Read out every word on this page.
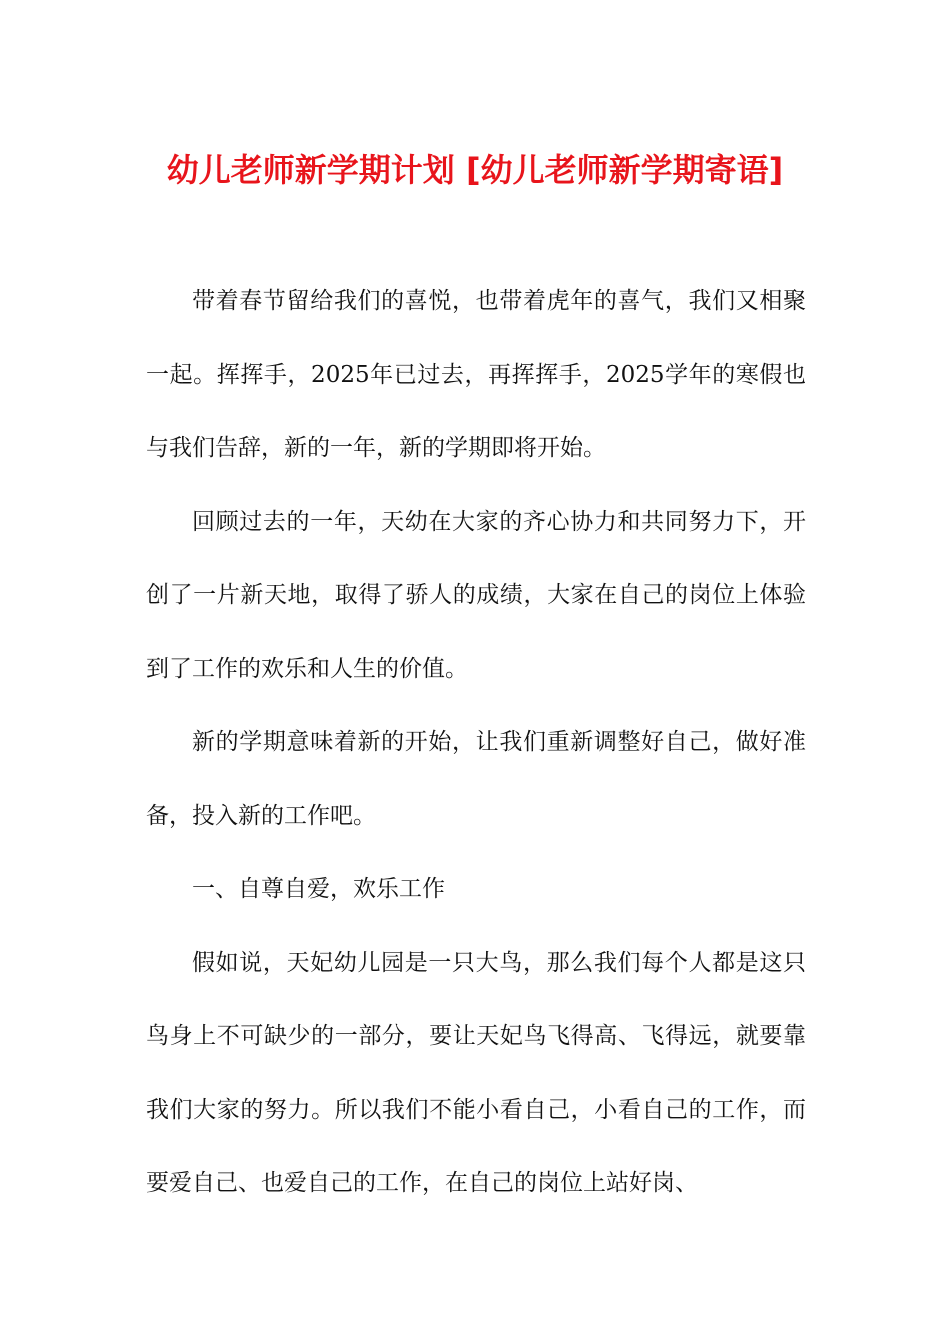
幼儿老师新学期计划 [幼儿老师新学期寄语]

带着春节留给我们的喜悦，也带着虎年的喜气，我们又相聚一起。挥挥手，2025年已过去，再挥挥手，2025学年的寒假也与我们告辞，新的一年，新的学期即将开始。

回顾过去的一年，天幼在大家的齐心协力和共同努力下，开创了一片新天地，取得了骄人的成绩，大家在自己的岗位上体验到了工作的欢乐和人生的价值。

新的学期意味着新的开始，让我们重新调整好自己，做好准备，投入新的工作吧。

一、自尊自爱，欢乐工作

假如说，天妃幼儿园是一只大鸟，那么我们每个人都是这只鸟身上不可缺少的一部分，要让天妃鸟飞得高、飞得远，就要靠我们大家的努力。所以我们不能小看自己，小看自己的工作，而要爱自己、也爱自己的工作，在自己的岗位上站好岗、
